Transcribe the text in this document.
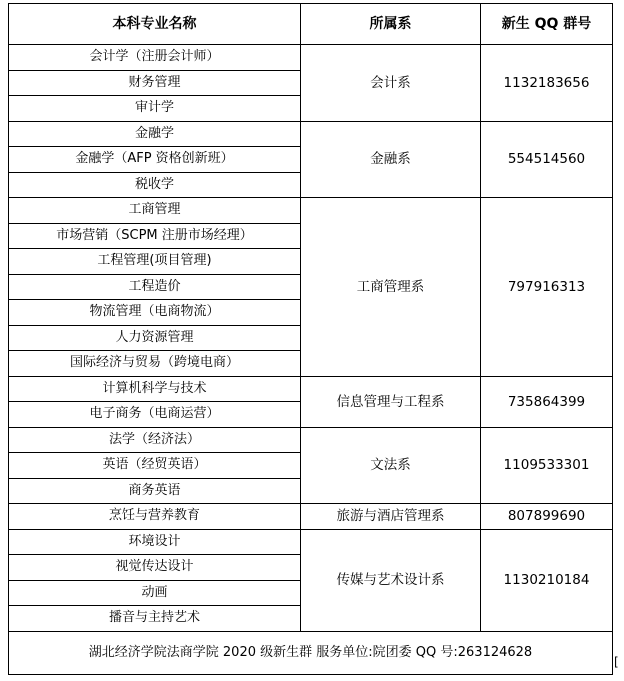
本科专业名称	所属系	新生 QQ 群号
会计学（注册会计师）	会计系	1132183656
财务管理		
审计学		
金融学	金融系	554514560
金融学（AFP 资格创新班）		
税收学		
工商管理	工商管理系	797916313
市场营销（SCPM 注册市场经理）		
工程管理(项目管理)		
工程造价		
物流管理（电商物流）		
人力资源管理		
国际经济与贸易（跨境电商）		
计算机科学与技术	信息管理与工程系	735864399
电子商务（电商运营）		
法学（经济法）	文法系	1109533301
英语（经贸英语）		
商务英语		
烹饪与营养教育	旅游与酒店管理系	807899690
环境设计	传媒与艺术设计系	1130210184
视觉传达设计		
动画		
播音与主持艺术		
湖北经济学院法商学院 2020 级新生群 服务单位:院团委 QQ 号:263124628		
[
